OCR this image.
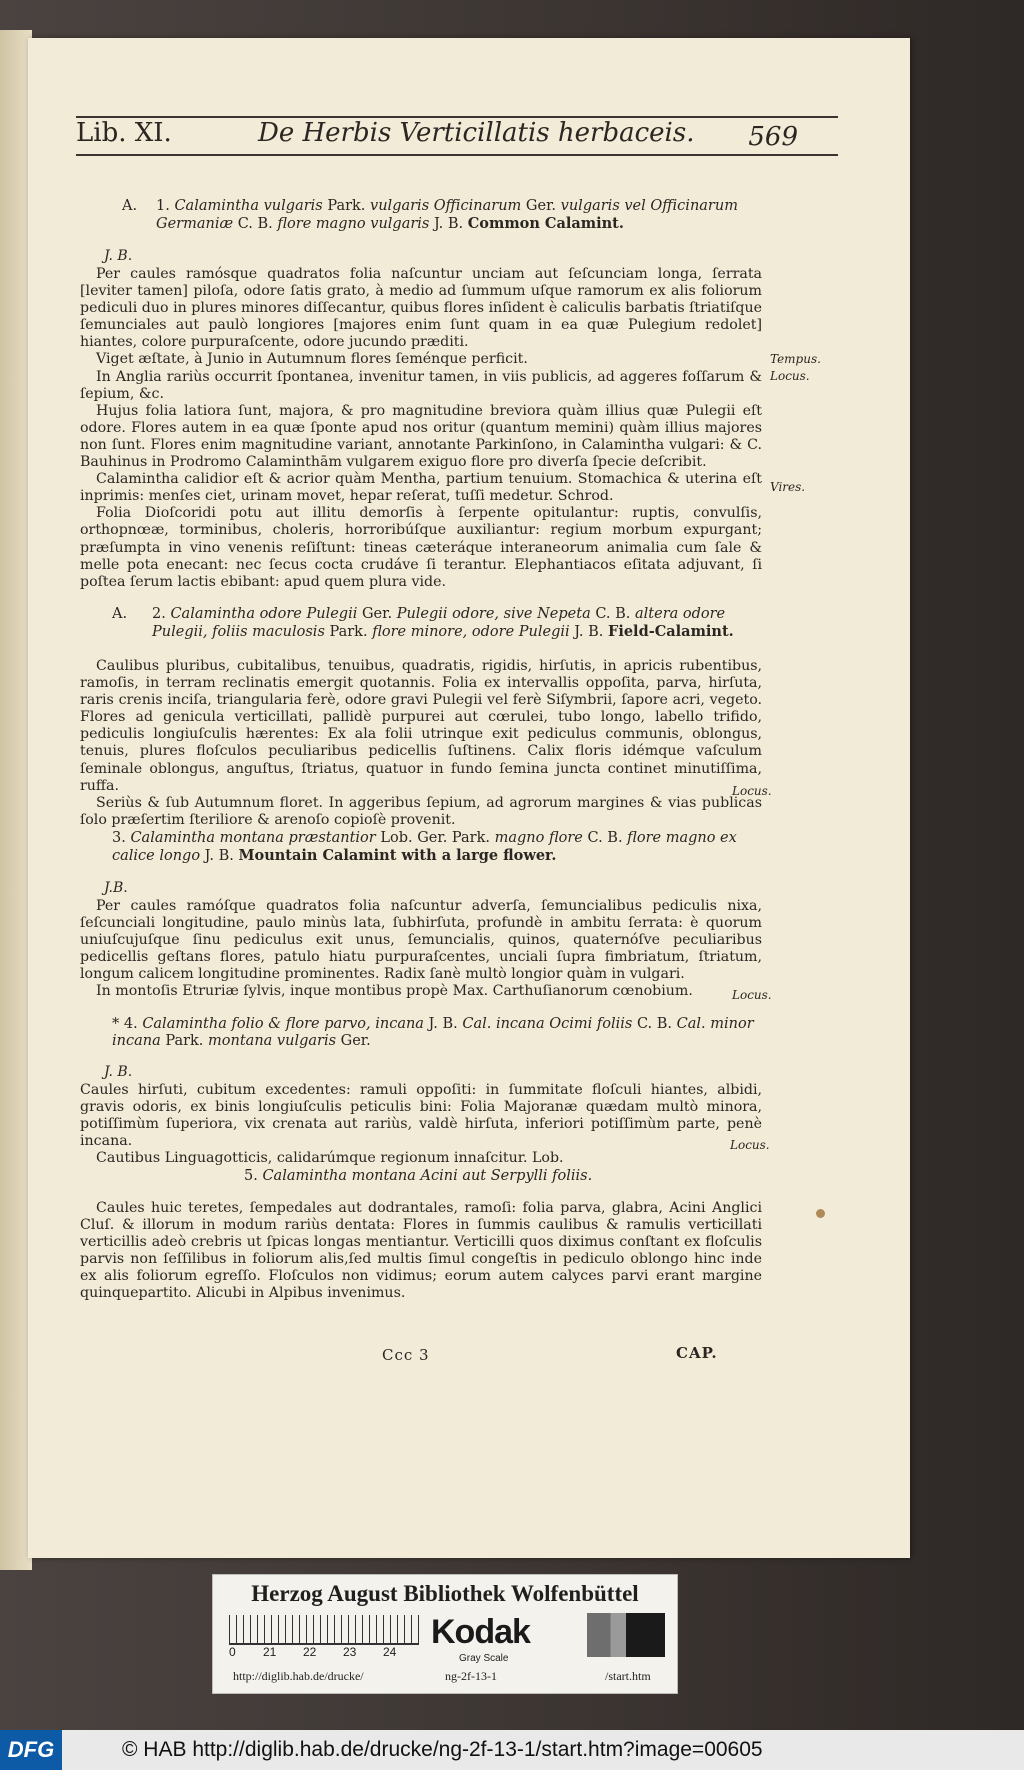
Lib. XI.	De Herbis Verticillatis herbaceis. 569
A. 1. Calamintha vulgaris Park. vulgaris Officinarum Ger. vulgaris vel Officinarum Germaniæ C. B. flore magno vulgaris J. B. Common Calamint.
J. B.

Per caules ramósque quadratos folia naſcuntur unciam aut ſeſcunciam longa, ſerrata [leviter tamen] piloſa, odore ſatis grato, à medio ad ſummum uſque ramorum ex alis foliorum pediculi duo in plures minores diſſecantur, quibus flores inſident è caliculis barbatis ſtriatiſque ſemunciales aut paulò longiores [majores enim ſunt quam in ea quæ Pulegium redolet] hiantes, colore purpuraſcente, odore jucundo præditi.

Viget æſtate, à Junio in Autumnum flores ſeménque perficit.

In Anglia rariùs occurrit ſpontanea, invenitur tamen, in viis publicis, ad aggeres foſſarum & ſepium, &c.

Hujus folia latiora ſunt, majora, & pro magnitudine breviora quàm illius quæ Pulegii eſt odore. Flores autem in ea quæ ſponte apud nos oritur (quantum memini) quàm illius majores non ſunt. Flores enim magnitudine variant, annotante Parkinſono, in Calamintha vulgari: & C. Bauhinus in Prodromo Calaminthām vulgarem exiguo flore pro diverſa ſpecie deſcribit.

Calamintha calidior eſt & acrior quàm Mentha, partium tenuium. Stomachica & uterina eſt inprimis: menſes ciet, urinam movet, hepar reſerat, tuſſi medetur. Schrod.

Folia Dioſcoridi potu aut illitu demorſis à ſerpente opitulantur: ruptis, convulſis, orthopnœæ, torminibus, choleris, horroribúſque auxiliantur: regium morbum expurgant; præſumpta in vino venenis reſiſtunt: tineas cæteráque interaneorum animalia cum ſale & melle pota enecant: nec ſecus cocta crudáve ſi terantur. Elephantiacos eſitata adjuvant, ſi poſtea ſerum lactis ebibant: apud quem plura vide.

Tempus.
Locus.
Vires.
A. 2. Calamintha odore Pulegii Ger. Pulegii odore, sive Nepeta C. B. altera odore Pulegii, foliis maculosis Park. flore minore, odore Pulegii J. B. Field-Calamint.

Caulibus pluribus, cubitalibus, tenuibus, quadratis, rigidis, hirſutis, in apricis rubentibus, ramoſis, in terram reclinatis emergit quotannis. Folia ex intervallis oppoſita, parva, hirſuta, raris crenis inciſa, triangularia ferè, odore gravi Pulegii vel ferè Siſymbrii, ſapore acri, vegeto. Flores ad genicula verticillati, pallidè purpurei aut cœrulei, tubo longo, labello trifido, pediculis longiuſculis hærentes: Ex ala folii utrinque exit pediculus communis, oblongus, tenuis, plures floſculos peculiaribus pedicellis ſuſtinens. Calix floris idémque vaſculum ſeminale oblongus, anguſtus, ſtriatus, quatuor in fundo ſemina juncta continet minutiſſima, ruffa.

Seriùs & ſub Autumnum floret. In aggeribus ſepium, ad agrorum margines & vias publicas ſolo præſertim ſteriliore & arenoſo copioſè provenit.

Locus.
3. Calamintha montana præstantior Lob. Ger. Park. magno flore C. B. flore magno ex calice longo J. B. Mountain Calamint with a large flower.
J.B.

Per caules ramóſque quadratos folia naſcuntur adverſa, ſemuncialibus pediculis nixa, ſeſcunciali longitudine, paulo minùs lata, ſubhirſuta, profundè in ambitu ſerrata: è quorum uniuſcujuſque ſinu pediculus exit unus, ſemuncialis, quinos, quaternóſve peculiaribus pedicellis geſtans flores, patulo hiatu purpuraſcentes, unciali ſupra fimbriatum, ſtriatum, longum calicem longitudine prominentes. Radix ſanè multò longior quàm in vulgari.

In montoſis Etruriæ ſylvis, inque montibus propè Max. Carthuſianorum cœnobium.	Locus.
* 4. Calamintha folio & flore parvo, incana J. B. Cal. incana Ocimi foliis C. B. Cal. minor incana Park. montana vulgaris Ger.
J. B.

Caules hirſuti, cubitum excedentes: ramuli oppoſiti: in ſummitate floſculi hiantes, albidi, gravis odoris, ex binis longiuſculis peticulis bini: Folia Majoranæ quædam multò minora, potiſſimùm ſuperiora, vix crenata aut rariùs, valdè hirſuta, inferiori potiſſimùm parte, penè incana.

Cautibus Linguagotticis, calidarúmque regionum innaſcitur. Lob.

Locus.
5. Calamintha montana Acini aut Serpylli foliis.

Caules huic teretes, ſempedales aut dodrantales, ramoſi: folia parva, glabra, Acini Anglici Cluſ. & illorum in modum rariùs dentata: Flores in ſummis caulibus & ramulis verticillati verticillis adeò crebris ut ſpicas longas mentiantur. Verticilli quos diximus conſtant ex floſculis parvis non ſeſſilibus in foliorum alis,ſed multis ſimul congeſtis in pediculo oblongo hinc inde ex alis foliorum egreſſo. Floſculos non vidimus; eorum autem calyces parvi erant margine quinquepartito. Alicubi in Alpibus invenimus.

Ccc 3	CAP.
Herzog August Bibliothek Wolfenbüttel
0 21 22 23 24
Kodak
Gray Scale
http://diglib.hab.de/drucke/	ng-2f-13-1	/start.htm
DFG	© HAB http://diglib.hab.de/drucke/ng-2f-13-1/start.htm?image=00605
